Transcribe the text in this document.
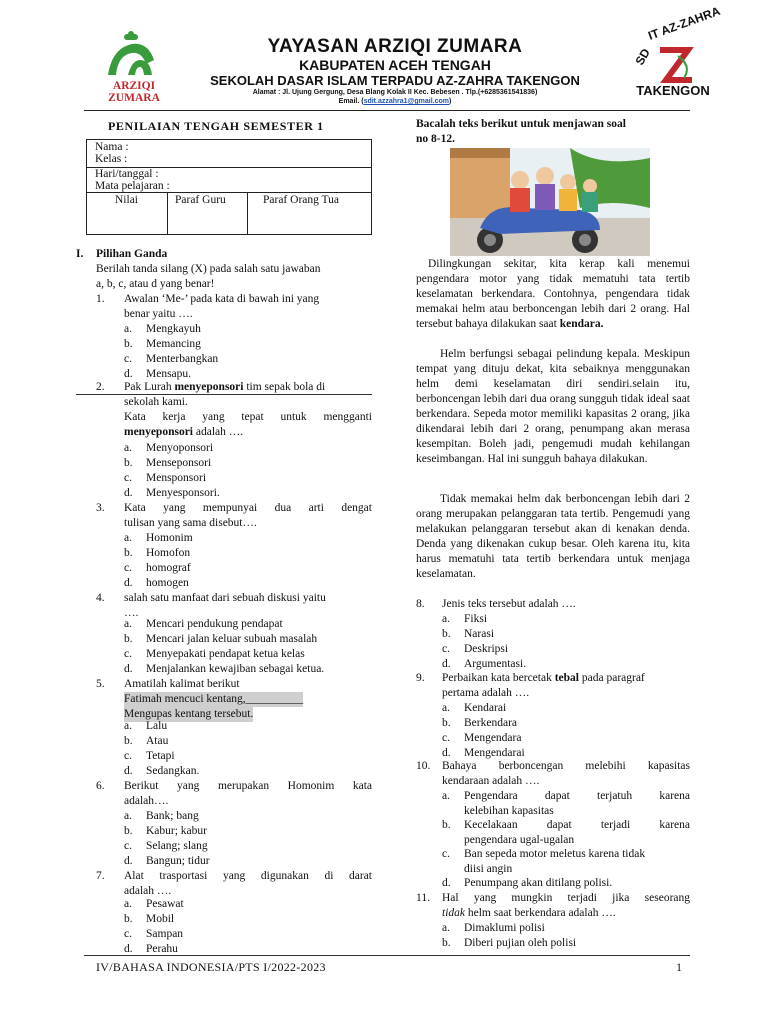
ARZIQI ZUMARA
YAYASAN ARZIQI ZUMARA
KABUPATEN ACEH TENGAH
SEKOLAH DASAR ISLAM TERPADU AZ-ZAHRA TAKENGON
Alamat : Jl. Ujung Gergung, Desa Blang Kolak II Kec. Bebesen . Tlp.(+6285361541836)
Email. (sdit.azzahra1@gmail.com)
SD
IT AZ-ZAHRA
TAKENGON
PENILAIAN TENGAH SEMESTER 1
Nama :
Kelas :
Hari/tanggal :
Mata pelajaran :
Nilai	Paraf Guru	Paraf Orang Tua
I. Pilihan Ganda
Berilah tanda silang (X) pada salah satu jawaban
a, b, c, atau d yang benar!
1. Awalan ‘Me-’ pada kata di bawah ini yang
benar yaitu ….
a. Mengkayuh
b. Memancing
c. Menterbangkan
d. Mensapu.
2. Pak Lurah menyeponsori tim sepak bola di
sekolah kami.
Kata kerja yang tepat untuk mengganti
menyeponsori adalah ….
a. Menyoponsori
b. Menseponsori
c. Mensponsori
d. Menyesponsori.
3. Kata yang mempunyai dua arti dengat
tulisan yang sama disebut….
a. Homonim
b. Homofon
c. homograf
d. homogen
4. salah satu manfaat dari sebuah diskusi yaitu
….
a. Mencari pendukung pendapat
b. Mencari jalan keluar subuah masalah
c. Menyepakati pendapat ketua kelas
d. Menjalankan kewajiban sebagai ketua.
5. Amatilah kalimat berikut
Fatimah mencuci kentang,__________ Mengupas kentang tersebut.
a. Lalu
b. Atau
c. Tetapi
d. Sedangkan.
6. Berikut yang merupakan Homonim kata
adalah….
a. Bank; bang
b. Kabur; kabur
c. Selang; slang
d. Bangun; tidur
7. Alat trasportasi yang digunakan di darat
adalah ….
a. Pesawat
b. Mobil
c. Sampan
d. Perahu
Bacalah teks berikut untuk menjawan soal
no 8-12.
Dilingkungan sekitar, kita kerap kali menemui pengendara motor yang tidak mematuhi tata tertib keselamatan berkendara. Contohnya, pengendara tidak memakai helm atau berboncengan lebih dari 2 orang. Hal tersebut bahaya dilakukan saat kendara.
Helm berfungsi sebagai pelindung kepala. Meskipun tempat yang dituju dekat, kita sebaiknya menggunakan helm demi keselamatan diri sendiri.selain itu, berboncengan lebih dari dua orang sungguh tidak ideal saat berkendara. Sepeda motor memiliki kapasitas 2 orang, jika dikendarai lebih dari 2 orang, penumpang akan merasa kesempitan. Boleh jadi, pengemudi mudah kehilangan keseimbangan. Hal ini sungguh bahaya dilakukan.
Tidak memakai helm dak berboncengan lebih dari 2 orang merupakan pelanggaran tata tertib. Pengemudi yang melakukan pelanggaran tersebut akan di kenakan denda. Denda yang dikenakan cukup besar. Oleh karena itu, kita harus mematuhi tata tertib berkendara untuk menjaga keselamatan.
8. Jenis teks tersebut adalah ….
a. Fiksi
b. Narasi
c. Deskripsi
d. Argumentasi.
9. Perbaikan kata bercetak tebal pada paragraf
pertama adalah ….
a. Kendarai
b. Berkendara
c. Mengendara
d. Mengendarai
10. Bahaya berboncengan melebihi kapasitas
kendaraan adalah ….
a.	Pengendara dapat terjatuh karena
kelebihan kapasitas
b.	Kecelakaan dapat terjadi karena
pengendara ugal-ugalan
c.	Ban sepeda motor meletus karena tidak
diisi angin
d.	Penumpang akan ditilang polisi.
11. Hal yang mungkin terjadi jika seseorang
tidak helm saat berkendara adalah ….
a. Dimaklumi polisi
b. Diberi pujian oleh polisi
IV/BAHASA INDONESIA/PTS I/2022-2023	1
